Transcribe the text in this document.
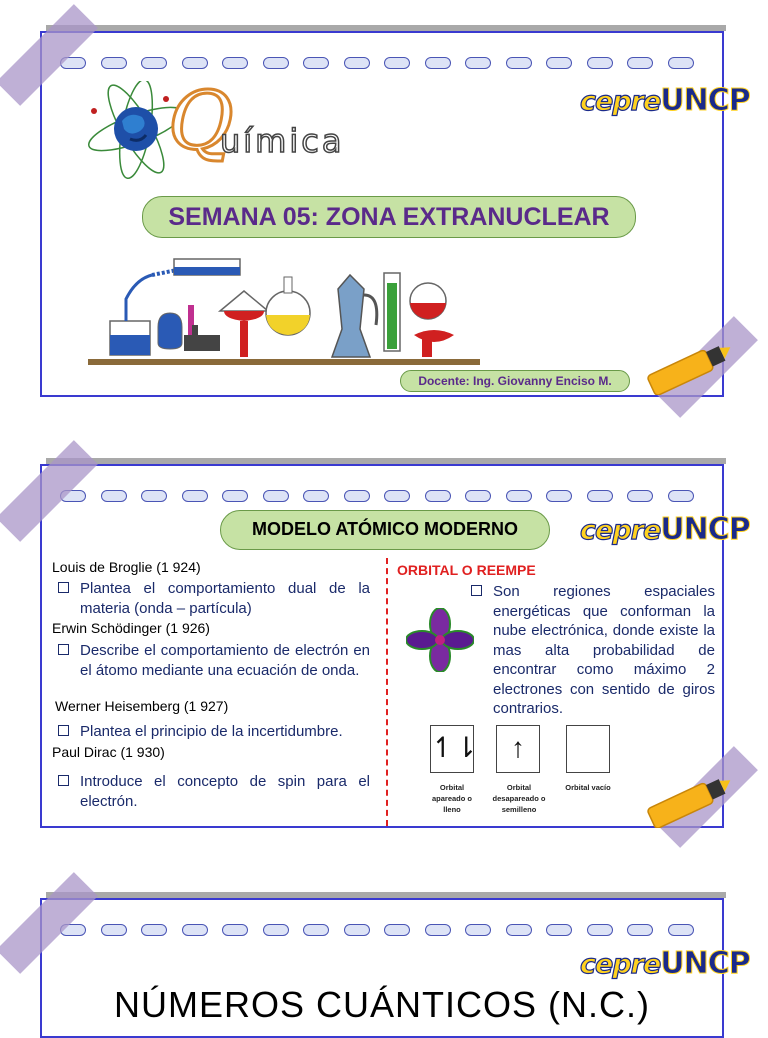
Q
uímica
cepreUNCP
SEMANA 05: ZONA EXTRANUCLEAR
Docente: Ing. Giovanny Enciso M.
MODELO ATÓMICO MODERNO	cepreUNCP
Louis de Broglie (1 924)
Plantea el comportamiento dual de la materia (onda – partícula)
Erwin Schödinger (1 926)
Describe el comportamiento de electrón en el átomo mediante una ecuación de onda.
Werner Heisemberg (1 927)
Plantea el principio de la incertidumbre.
Paul Dirac (1 930)
Introduce el concepto de spin para el electrón.
ORBITAL O REEMPE
Son regiones espaciales energéticas que conforman la nube electrónica, donde existe la mas alta probabilidad de encontrar como máximo 2 electrones con sentido de giros contrarios.
↿⇂	↑
Orbital apareado o lleno
Orbital desapareado o semilleno
Orbital vacío
cepreUNCP
NÚMEROS CUÁNTICOS (N.C.)
